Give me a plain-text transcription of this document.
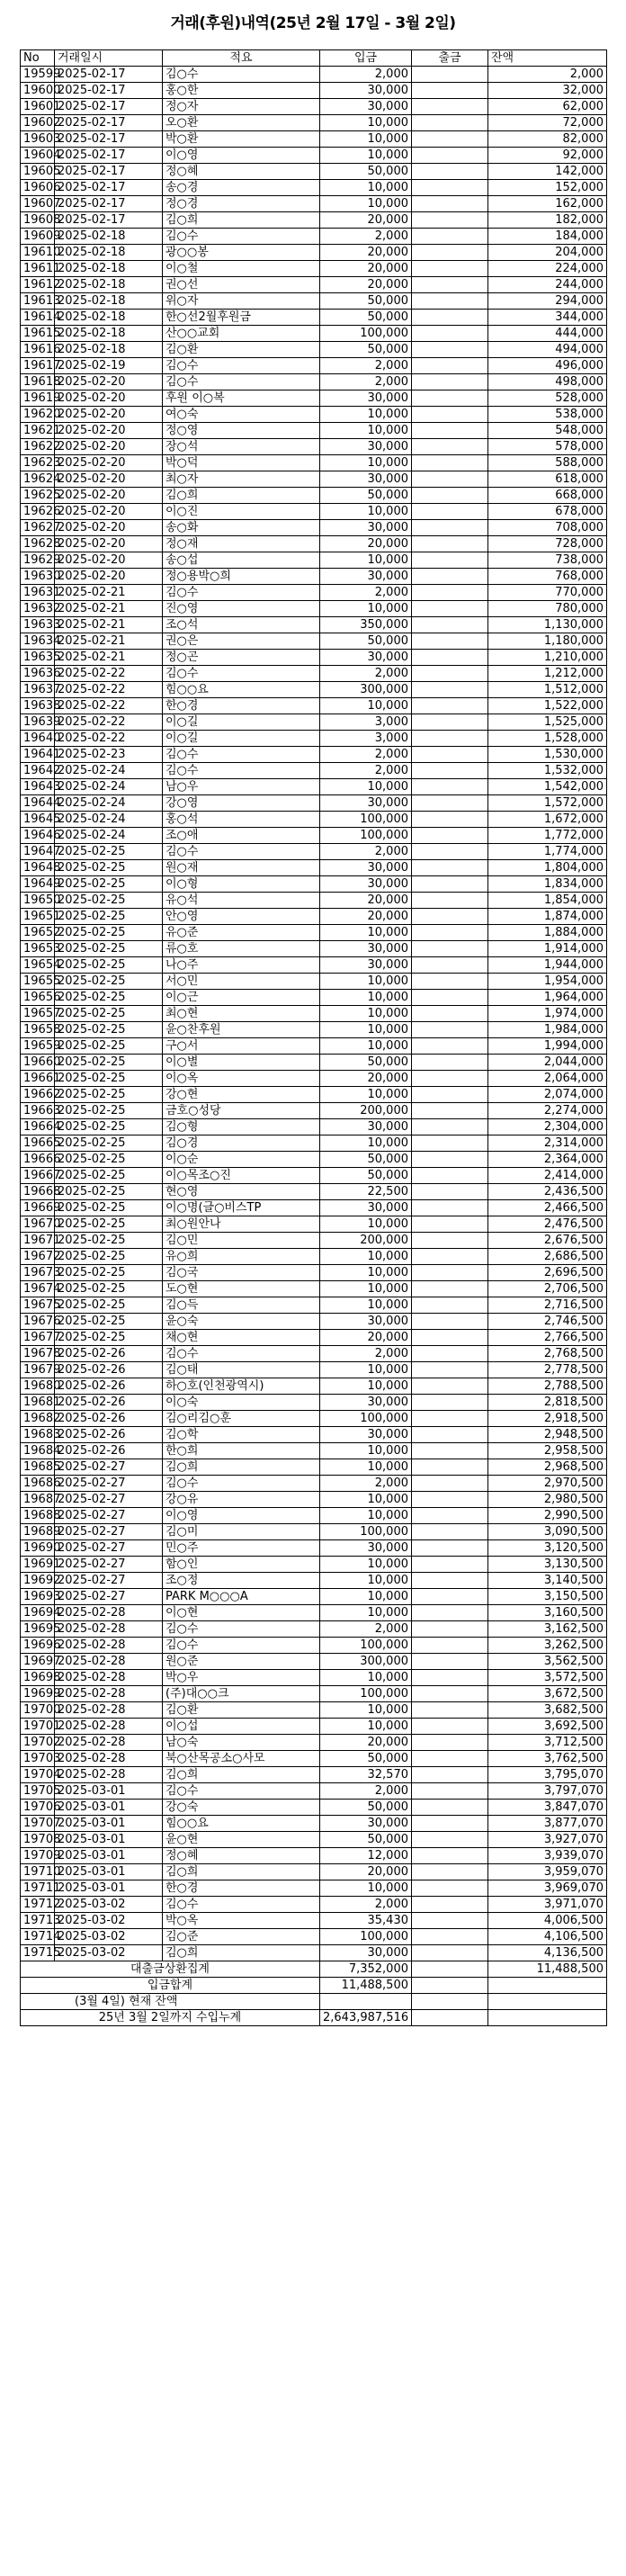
거래(후원)내역(25년 2월 17일 - 3월 2일)
No	거래일시	적요	입금	출금	잔액
19599	2025-02-17	김○수	2,000		2,000
19600	2025-02-17	홍○한	30,000		32,000
19601	2025-02-17	정○자	30,000		62,000
19602	2025-02-17	오○환	10,000		72,000
19603	2025-02-17	박○환	10,000		82,000
19604	2025-02-17	이○영	10,000		92,000
19605	2025-02-17	정○혜	50,000		142,000
19606	2025-02-17	송○경	10,000		152,000
19607	2025-02-17	정○경	10,000		162,000
19608	2025-02-17	김○희	20,000		182,000
19609	2025-02-18	김○수	2,000		184,000
19610	2025-02-18	광○○봉	20,000		204,000
19611	2025-02-18	이○철	20,000		224,000
19612	2025-02-18	권○선	20,000		244,000
19613	2025-02-18	위○자	50,000		294,000
19614	2025-02-18	한○선2월후원금	50,000		344,000
19615	2025-02-18	산○○교회	100,000		444,000
19616	2025-02-18	김○환	50,000		494,000
19617	2025-02-19	김○수	2,000		496,000
19618	2025-02-20	김○수	2,000		498,000
19619	2025-02-20	후원 이○복	30,000		528,000
19620	2025-02-20	여○숙	10,000		538,000
19621	2025-02-20	정○영	10,000		548,000
19622	2025-02-20	장○석	30,000		578,000
19623	2025-02-20	박○덕	10,000		588,000
19624	2025-02-20	최○자	30,000		618,000
19625	2025-02-20	김○희	50,000		668,000
19626	2025-02-20	이○진	10,000		678,000
19627	2025-02-20	송○화	30,000		708,000
19628	2025-02-20	정○재	20,000		728,000
19629	2025-02-20	송○섭	10,000		738,000
19630	2025-02-20	정○용박○희	30,000		768,000
19631	2025-02-21	김○수	2,000		770,000
19632	2025-02-21	진○영	10,000		780,000
19633	2025-02-21	조○석	350,000		1,130,000
19634	2025-02-21	권○은	50,000		1,180,000
19635	2025-02-21	정○곤	30,000		1,210,000
19636	2025-02-22	김○수	2,000		1,212,000
19637	2025-02-22	힘○○요	300,000		1,512,000
19638	2025-02-22	한○경	10,000		1,522,000
19639	2025-02-22	이○길	3,000		1,525,000
19640	2025-02-22	이○길	3,000		1,528,000
19641	2025-02-23	김○수	2,000		1,530,000
19642	2025-02-24	김○수	2,000		1,532,000
19643	2025-02-24	남○우	10,000		1,542,000
19644	2025-02-24	강○영	30,000		1,572,000
19645	2025-02-24	홍○석	100,000		1,672,000
19646	2025-02-24	조○애	100,000		1,772,000
19647	2025-02-25	김○수	2,000		1,774,000
19648	2025-02-25	원○재	30,000		1,804,000
19649	2025-02-25	이○형	30,000		1,834,000
19650	2025-02-25	유○석	20,000		1,854,000
19651	2025-02-25	안○영	20,000		1,874,000
19652	2025-02-25	유○준	10,000		1,884,000
19653	2025-02-25	류○호	30,000		1,914,000
19654	2025-02-25	나○주	30,000		1,944,000
19655	2025-02-25	서○민	10,000		1,954,000
19656	2025-02-25	이○근	10,000		1,964,000
19657	2025-02-25	최○현	10,000		1,974,000
19658	2025-02-25	윤○찬후원	10,000		1,984,000
19659	2025-02-25	구○서	10,000		1,994,000
19660	2025-02-25	이○별	50,000		2,044,000
19661	2025-02-25	이○옥	20,000		2,064,000
19662	2025-02-25	강○현	10,000		2,074,000
19663	2025-02-25	금호○성당	200,000		2,274,000
19664	2025-02-25	김○형	30,000		2,304,000
19665	2025-02-25	김○경	10,000		2,314,000
19666	2025-02-25	이○순	50,000		2,364,000
19667	2025-02-25	이○목조○진	50,000		2,414,000
19668	2025-02-25	현○영	22,500		2,436,500
19669	2025-02-25	이○명(글○비스TP	30,000		2,466,500
19670	2025-02-25	최○원안나	10,000		2,476,500
19671	2025-02-25	김○민	200,000		2,676,500
19672	2025-02-25	유○희	10,000		2,686,500
19673	2025-02-25	김○국	10,000		2,696,500
19674	2025-02-25	도○현	10,000		2,706,500
19675	2025-02-25	김○득	10,000		2,716,500
19676	2025-02-25	윤○숙	30,000		2,746,500
19677	2025-02-25	채○현	20,000		2,766,500
19678	2025-02-26	김○수	2,000		2,768,500
19679	2025-02-26	김○태	10,000		2,778,500
19680	2025-02-26	하○호(인천광역시)	10,000		2,788,500
19681	2025-02-26	이○숙	30,000		2,818,500
19682	2025-02-26	김○리김○훈	100,000		2,918,500
19683	2025-02-26	김○학	30,000		2,948,500
19684	2025-02-26	한○희	10,000		2,958,500
19685	2025-02-27	김○희	10,000		2,968,500
19686	2025-02-27	김○수	2,000		2,970,500
19687	2025-02-27	강○유	10,000		2,980,500
19688	2025-02-27	이○영	10,000		2,990,500
19689	2025-02-27	김○미	100,000		3,090,500
19690	2025-02-27	민○주	30,000		3,120,500
19691	2025-02-27	함○인	10,000		3,130,500
19692	2025-02-27	조○정	10,000		3,140,500
19693	2025-02-27	PARK M○○○A	10,000		3,150,500
19694	2025-02-28	이○현	10,000		3,160,500
19695	2025-02-28	김○수	2,000		3,162,500
19696	2025-02-28	김○수	100,000		3,262,500
19697	2025-02-28	원○준	300,000		3,562,500
19698	2025-02-28	박○우	10,000		3,572,500
19699	2025-02-28	(주)대○○크	100,000		3,672,500
19700	2025-02-28	김○환	10,000		3,682,500
19701	2025-02-28	이○섭	10,000		3,692,500
19702	2025-02-28	남○숙	20,000		3,712,500
19703	2025-02-28	북○산목공소○사모	50,000		3,762,500
19704	2025-02-28	김○희	32,570		3,795,070
19705	2025-03-01	김○수	2,000		3,797,070
19706	2025-03-01	강○숙	50,000		3,847,070
19707	2025-03-01	힘○○요	30,000		3,877,070
19708	2025-03-01	윤○현	50,000		3,927,070
19709	2025-03-01	정○혜	12,000		3,939,070
19710	2025-03-01	김○희	20,000		3,959,070
19711	2025-03-01	한○경	10,000		3,969,070
19712	2025-03-02	김○수	2,000		3,971,070
19713	2025-03-02	박○옥	35,430		4,006,500
19714	2025-03-02	김○준	100,000		4,106,500
19715	2025-03-02	김○희	30,000		4,136,500
대출금상환집계			7,352,000		11,488,500
입금합계			11,488,500		
(3월 4일) 현재 잔액					
25년 3월 2일까지 수입누계			2,643,987,516		
